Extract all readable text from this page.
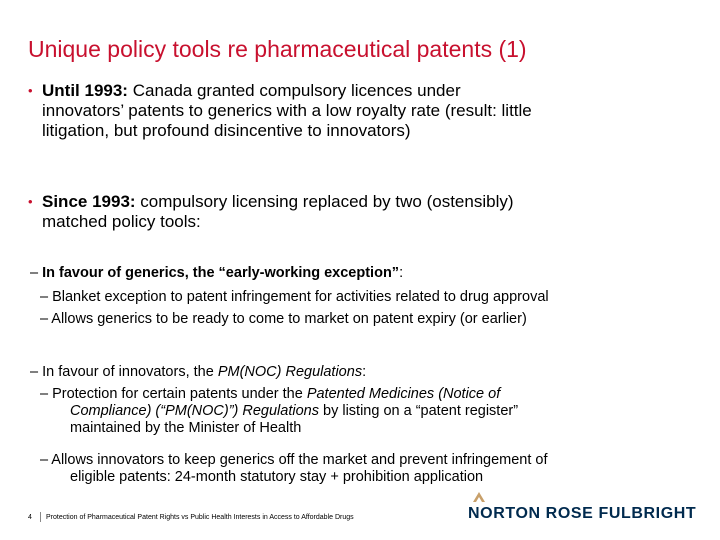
Unique policy tools re pharmaceutical patents (1)
• Until 1993: Canada granted compulsory licences under
innovators’ patents to generics with a low royalty rate (result: little
litigation, but profound disincentive to innovators)
• Since 1993: compulsory licensing replaced by two (ostensibly)
matched policy tools:
– In favour of generics, the “early-working exception”:
– Blanket exception to patent infringement for activities related to drug approval
– Allows generics to be ready to come to market on patent expiry (or earlier)
– In favour of innovators, the PM(NOC) Regulations:
– Protection for certain patents under the Patented Medicines (Notice of
Compliance) (“PM(NOC)”) Regulations by listing on a “patent register”
maintained by the Minister of Health
– Allows innovators to keep generics off the market and prevent infringement of
eligible patents: 24-month statutory stay + prohibition application
4 Protection of Pharmaceutical Patent Rights vs Public Health Interests in Access to Affordable Drugs	NORTON ROSE FULBRIGHT
